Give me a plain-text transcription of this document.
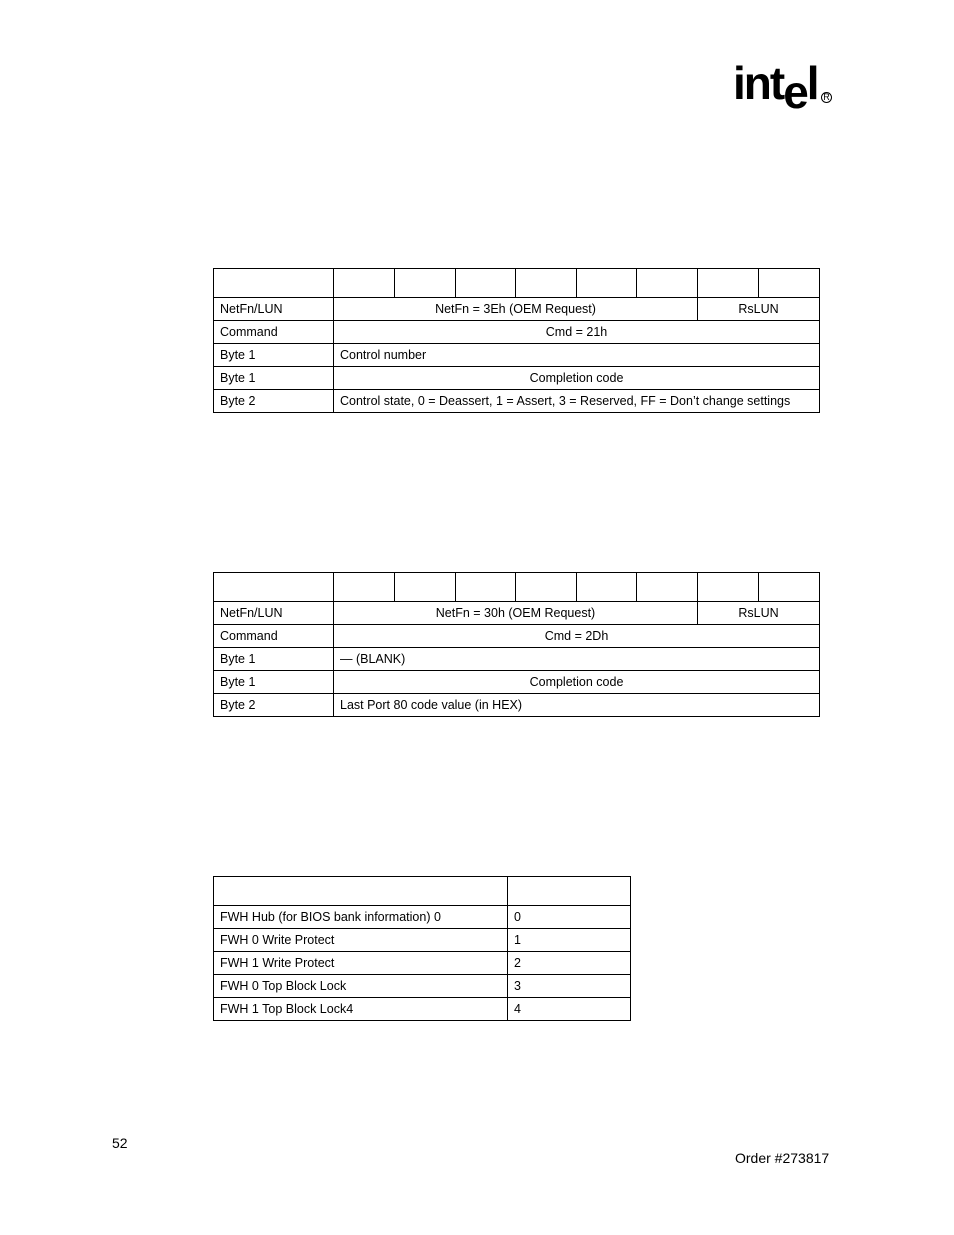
intel R

NetFn/LUN	NetFn = 3Eh (OEM Request)						RsLUN	
Command	Cmd = 21h							
Byte 1	Control number							
Byte 1	Completion code							
Byte 2	Control state, 0 = Deassert, 1 = Assert, 3 = Reserved, FF = Don’t change settings							

NetFn/LUN	NetFn = 30h (OEM Request)						RsLUN	
Command	Cmd = 2Dh							
Byte 1	— (BLANK)							
Byte 1	Completion code							
Byte 2	Last Port 80 code value (in HEX)							

FWH Hub (for BIOS bank information) 0	0
FWH 0 Write Protect	1
FWH 1 Write Protect	2
FWH 0 Top Block Lock	3
FWH 1 Top Block Lock4	4
52
Order #273817
